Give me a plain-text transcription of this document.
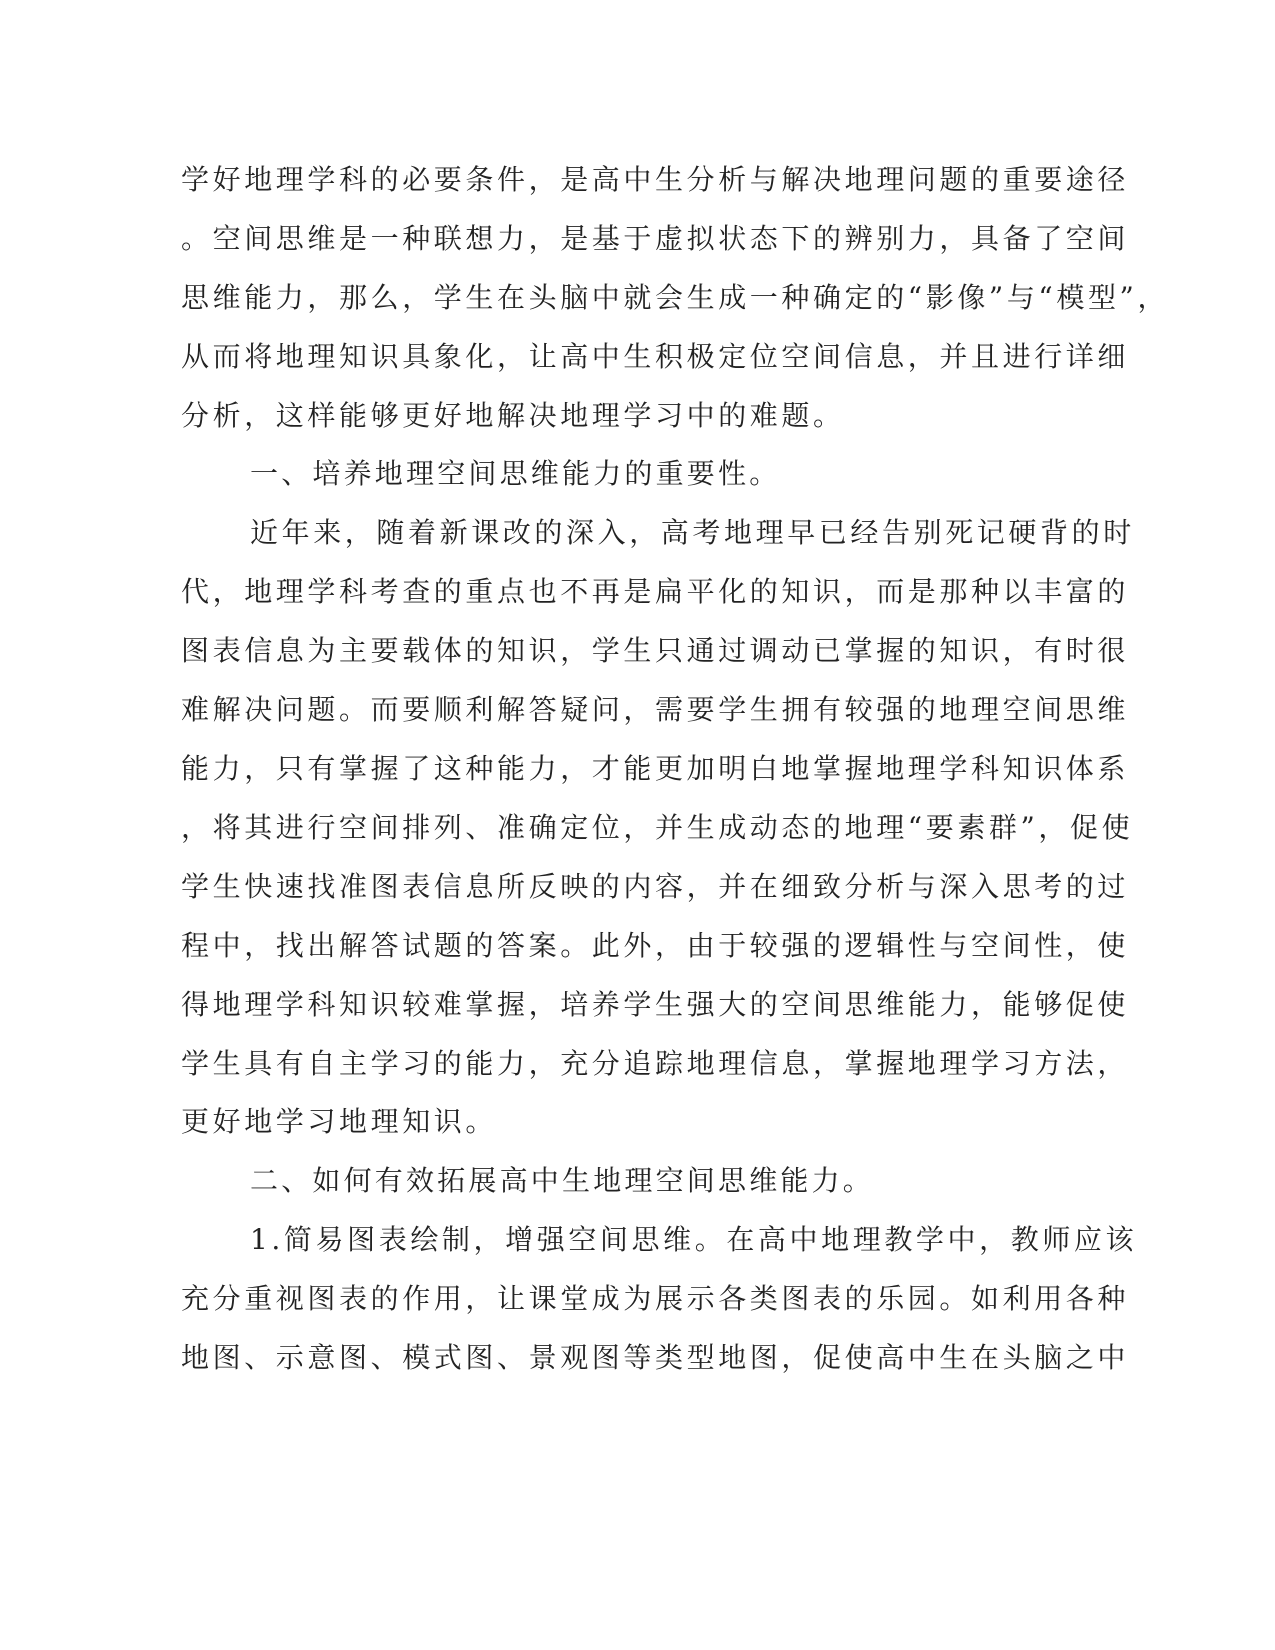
学好地理学科的必要条件，是高中生分析与解决地理问题的重要途径
。空间思维是一种联想力，是基于虚拟状态下的辨别力，具备了空间
思维能力，那么，学生在头脑中就会生成一种确定的“影像”与“模型”，
从而将地理知识具象化，让高中生积极定位空间信息，并且进行详细
分析，这样能够更好地解决地理学习中的难题。
一、培养地理空间思维能力的重要性。
近年来，随着新课改的深入，高考地理早已经告别死记硬背的时
代，地理学科考查的重点也不再是扁平化的知识，而是那种以丰富的
图表信息为主要载体的知识，学生只通过调动已掌握的知识，有时很
难解决问题。而要顺利解答疑问，需要学生拥有较强的地理空间思维
能力，只有掌握了这种能力，才能更加明白地掌握地理学科知识体系
，将其进行空间排列、准确定位，并生成动态的地理“要素群”，促使
学生快速找准图表信息所反映的内容，并在细致分析与深入思考的过
程中，找出解答试题的答案。此外，由于较强的逻辑性与空间性，使
得地理学科知识较难掌握，培养学生强大的空间思维能力，能够促使
学生具有自主学习的能力，充分追踪地理信息，掌握地理学习方法，
更好地学习地理知识。
二、如何有效拓展高中生地理空间思维能力。
1.简易图表绘制，增强空间思维。在高中地理教学中，教师应该
充分重视图表的作用，让课堂成为展示各类图表的乐园。如利用各种
地图、示意图、模式图、景观图等类型地图，促使高中生在头脑之中
